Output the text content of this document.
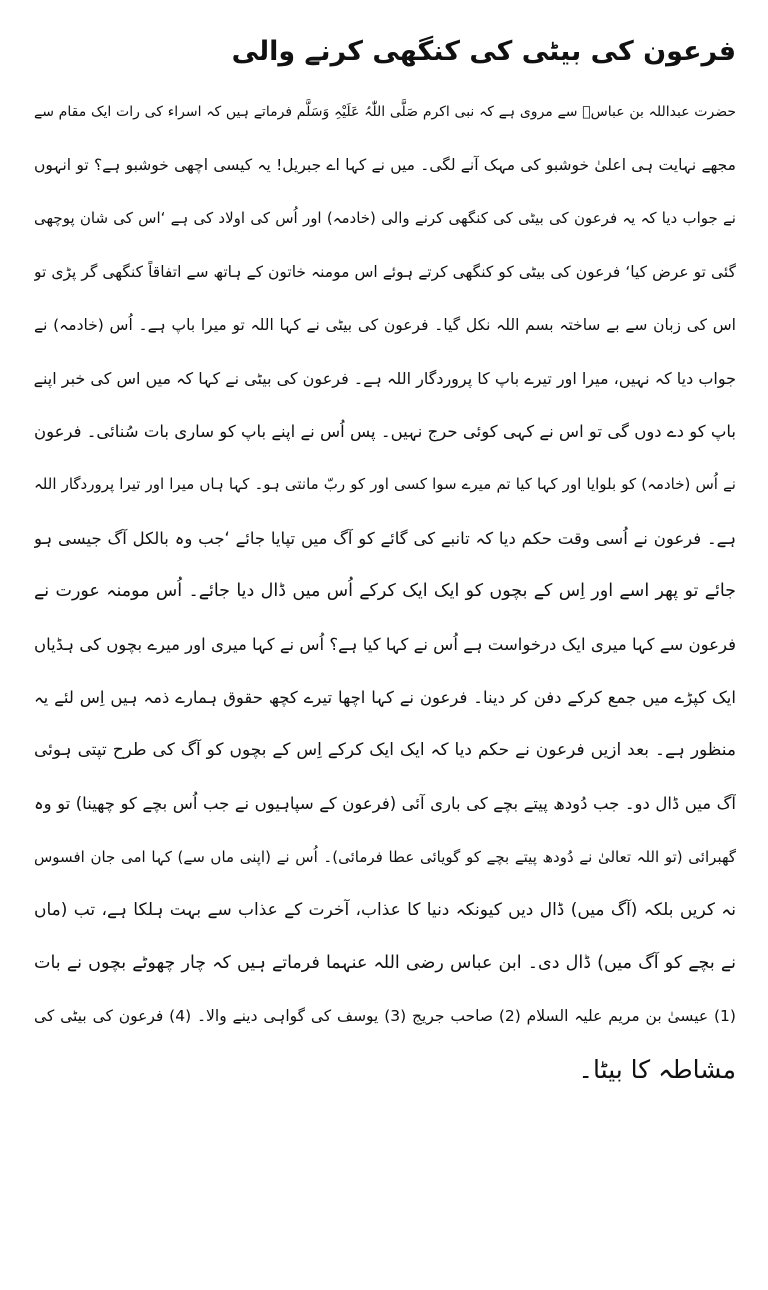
فرعون کی بیٹی کی کنگھی کرنے والی
حضرت عبداللہ بن عباسؓ سے مروی ہے کہ نبی اکرم صَلَّی اللّٰہُ عَلَیْہِ وَسَلَّم فرماتے ہیں کہ اسراء کی رات ایک مقام سے
مجھے نہایت ہی اعلیٰ خوشبو کی مہک آنے لگی۔ میں نے کہا اے جبریل! یہ کیسی اچھی خوشبو ہے؟ تو انہوں
نے جواب دیا کہ یہ فرعون کی بیٹی کی کنگھی کرنے والی (خادمہ) اور اُس کی اولاد کی ہے ‘اس کی شان پوچھی
گئی تو عرض کیا‘ فرعون کی بیٹی کو کنگھی کرتے ہوئے اس مومنہ خاتون کے ہاتھ سے اتفاقاً کنگھی گر پڑی تو
اس کی زبان سے بے ساختہ بسم اللہ نکل گیا۔ فرعون کی بیٹی نے کہا اللہ تو میرا باپ ہے۔ اُس (خادمہ) نے
جواب دیا کہ نہیں، میرا اور تیرے باپ کا پروردگار اللہ ہے۔ فرعون کی بیٹی نے کہا کہ میں اس کی خبر اپنے
باپ کو دے دوں گی تو اس نے کہی کوئی حرج نہیں۔ پس اُس نے اپنے باپ کو ساری بات سُنائی۔ فرعون
نے اُس (خادمہ) کو بلوایا اور کہا کیا تم میرے سوا کسی اور کو ربّ مانتی ہو۔ کہا ہاں میرا اور تیرا پروردگار اللہ
ہے۔ فرعون نے اُسی وقت حکم دیا کہ تانبے کی گائے کو آگ میں تپایا جائے ‘جب وہ بالکل آگ جیسی ہو
جائے تو پھر اسے اور اِس کے بچوں کو ایک ایک کرکے اُس میں ڈال دیا جائے۔ اُس مومنہ عورت نے
فرعون سے کہا میری ایک درخواست ہے اُس نے کہا کیا ہے؟ اُس نے کہا میری اور میرے بچوں کی ہڈیاں
ایک کپڑے میں جمع کرکے دفن کر دینا۔ فرعون نے کہا اچھا تیرے کچھ حقوق ہمارے ذمہ ہیں اِس لئے یہ
منظور ہے۔ بعد ازیں فرعون نے حکم دیا کہ ایک ایک کرکے اِس کے بچوں کو آگ کی طرح تپتی ہوئی
آگ میں ڈال دو۔ جب دُودھ پیتے بچے کی باری آئی (فرعون کے سپاہیوں نے جب اُس بچے کو چھینا) تو وہ
گھبرائی (تو اللہ تعالیٰ نے دُودھ پیتے بچے کو گویائی عطا فرمائی)۔ اُس نے (اپنی ماں سے) کہا امی جان افسوس
نہ کریں بلکہ (آگ میں) ڈال دیں کیونکہ دنیا کا عذاب، آخرت کے عذاب سے بہت ہلکا ہے، تب (ماں
نے بچے کو آگ میں) ڈال دی۔ ابن عباس رضی اللہ عنہما فرماتے ہیں کہ چار چھوٹے بچوں نے بات
(1) عیسیٰ بن مریم علیہ السلام (2) صاحب جریج (3) یوسف کی گواہی دینے والا۔ (4) فرعون کی بیٹی کی
مشاطہ کا بیٹا۔
